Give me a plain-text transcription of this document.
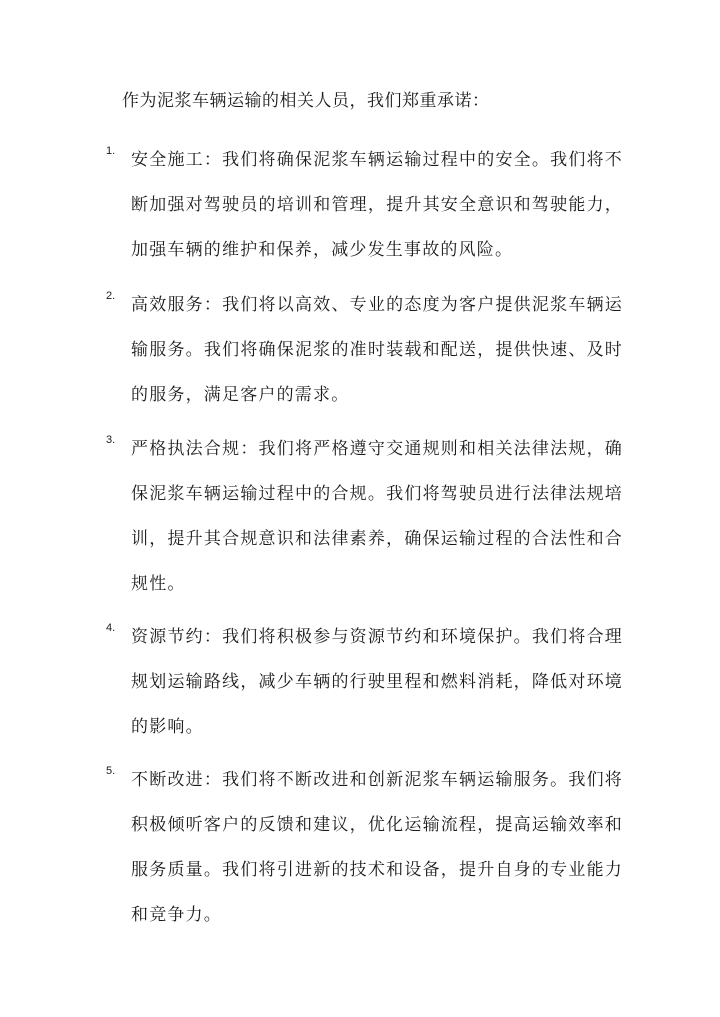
作为泥浆车辆运输的相关人员，我们郑重承诺：
1. 安全施工：我们将确保泥浆车辆运输过程中的安全。我们将不断加强对驾驶员的培训和管理，提升其安全意识和驾驶能力，加强车辆的维护和保养，减少发生事故的风险。
2. 高效服务：我们将以高效、专业的态度为客户提供泥浆车辆运输服务。我们将确保泥浆的准时装载和配送，提供快速、及时的服务，满足客户的需求。
3. 严格执法合规：我们将严格遵守交通规则和相关法律法规，确保泥浆车辆运输过程中的合规。我们将驾驶员进行法律法规培训，提升其合规意识和法律素养，确保运输过程的合法性和合规性。
4. 资源节约：我们将积极参与资源节约和环境保护。我们将合理规划运输路线，减少车辆的行驶里程和燃料消耗，降低对环境的影响。
5. 不断改进：我们将不断改进和创新泥浆车辆运输服务。我们将积极倾听客户的反馈和建议，优化运输流程，提高运输效率和服务质量。我们将引进新的技术和设备，提升自身的专业能力和竞争力。
